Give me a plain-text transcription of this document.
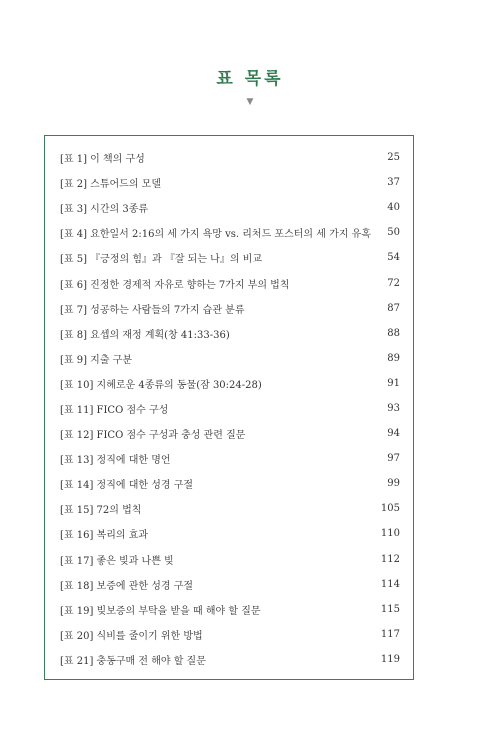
표 목록
▼
[표 1] 이 책의 구성	25
[표 2] 스튜어드의 모델	37
[표 3] 시간의 3종류	40
[표 4] 요한일서 2:16의 세 가지 욕망 vs. 리처드 포스터의 세 가지 유혹	50
[표 5] 『긍정의 힘』과 『잘 되는 나』의 비교	54
[표 6] 진정한 경제적 자유로 향하는 7가지 부의 법칙	72
[표 7] 성공하는 사람들의 7가지 습관 분류	87
[표 8] 요셉의 재정 계획(창 41:33-36)	88
[표 9] 지출 구분	89
[표 10] 지혜로운 4종류의 동물(잠 30:24-28)	91
[표 11] FICO 점수 구성	93
[표 12] FICO 점수 구성과 충성 관련 질문	94
[표 13] 정직에 대한 명언	97
[표 14] 정직에 대한 성경 구절	99
[표 15] 72의 법칙	105
[표 16] 복리의 효과	110
[표 17] 좋은 빚과 나쁜 빚	112
[표 18] 보증에 관한 성경 구절	114
[표 19] 빚보증의 부탁을 받을 때 해야 할 질문	115
[표 20] 식비를 줄이기 위한 방법	117
[표 21] 충동구매 전 해야 할 질문	119
